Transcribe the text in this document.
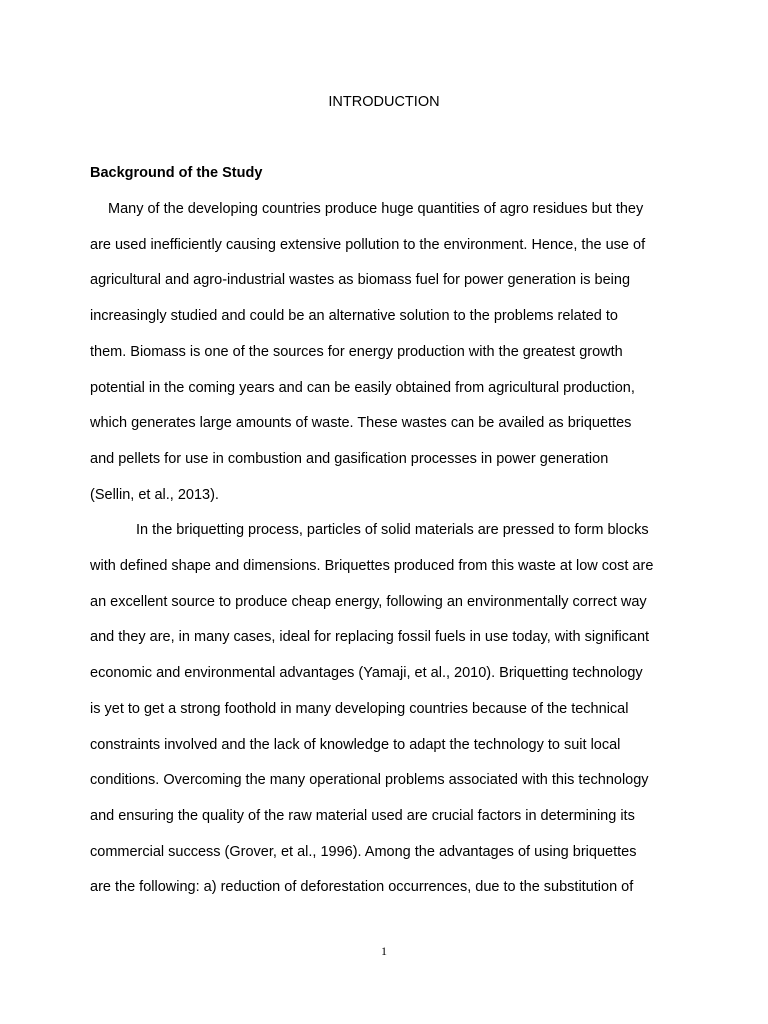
INTRODUCTION
Background of the Study

Many of the developing countries produce huge quantities of agro residues but they

are used inefficiently causing extensive pollution to the environment. Hence, the use of

agricultural and agro-industrial wastes as biomass fuel for power generation is being

increasingly studied and could be an alternative solution to the problems related to

them. Biomass is one of the sources for energy production with the greatest growth

potential in the coming years and can be easily obtained from agricultural production,

which generates large amounts of waste. These wastes can be availed as briquettes

and pellets for use in combustion and gasification processes in power generation

(Sellin, et al., 2013).

In the briquetting process, particles of solid materials are pressed to form blocks

with defined shape and dimensions. Briquettes produced from this waste at low cost are

an excellent source to produce cheap energy, following an environmentally correct way

and they are, in many cases, ideal for replacing fossil fuels in use today, with significant

economic and environmental advantages (Yamaji, et al., 2010). Briquetting technology

is yet to get a strong foothold in many developing countries because of the technical

constraints involved and the lack of knowledge to adapt the technology to suit local

conditions. Overcoming the many operational problems associated with this technology

and ensuring the quality of the raw material used are crucial factors in determining its

commercial success (Grover, et al., 1996). Among the advantages of using briquettes

are the following: a) reduction of deforestation occurrences, due to the substitution of

1
